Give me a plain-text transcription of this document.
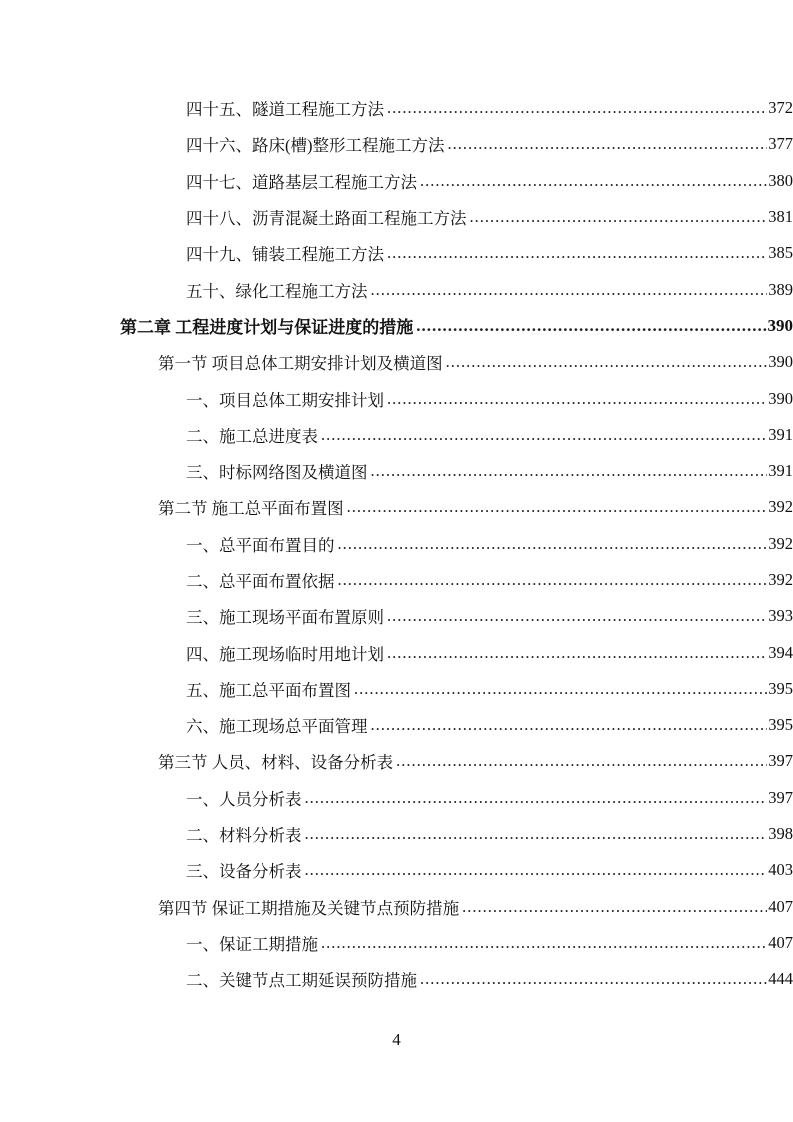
四十五、隧道工程施工方法 .....	372
四十六、路床(槽)整形工程施工方法 .....	377
四十七、道路基层工程施工方法 .....	380
四十八、沥青混凝土路面工程施工方法 .....	381
四十九、铺装工程施工方法 .....	385
五十、绿化工程施工方法 .....	389
第二章 工程进度计划与保证进度的措施 .....	390
第一节 项目总体工期安排计划及横道图 .....	390
一、项目总体工期安排计划 .....	390
二、施工总进度表 .....	391
三、时标网络图及横道图 .....	391
第二节 施工总平面布置图 .....	392
一、总平面布置目的 .....	392
二、总平面布置依据 .....	392
三、施工现场平面布置原则 .....	393
四、施工现场临时用地计划 .....	394
五、施工总平面布置图 .....	395
六、施工现场总平面管理 .....	395
第三节 人员、材料、设备分析表 .....	397
一、人员分析表 .....	397
二、材料分析表 .....	398
三、设备分析表 .....	403
第四节 保证工期措施及关键节点预防措施 .....	407
一、保证工期措施 .....	407
二、关键节点工期延误预防措施 .....	444
4
